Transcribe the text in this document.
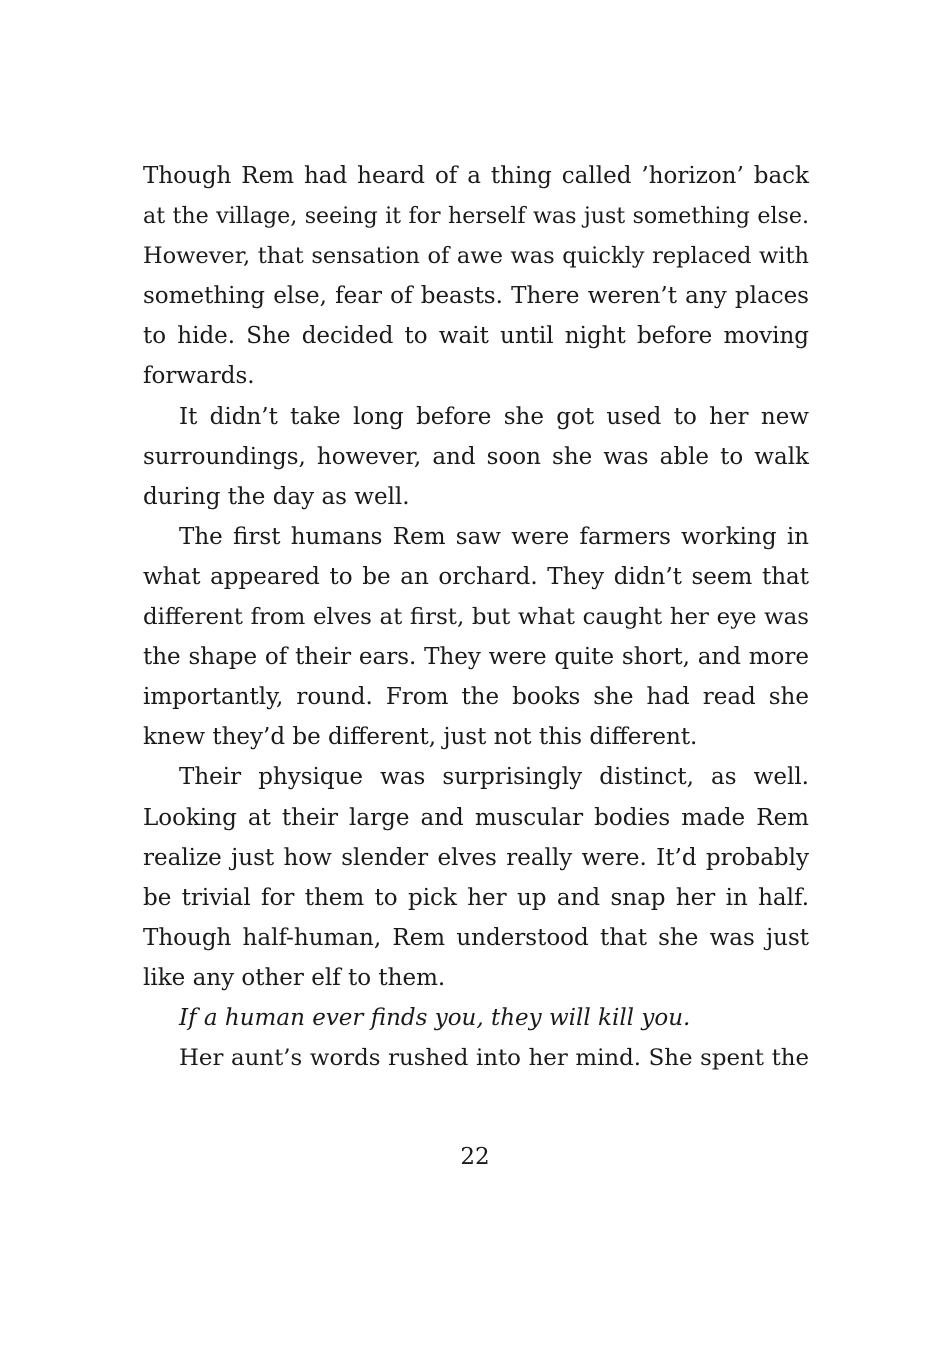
Though Rem had heard of a thing called ’horizon’ back
at the village, seeing it for herself was just something else.
However, that sensation of awe was quickly replaced with
something else, fear of beasts. There weren’t any places
to hide. She decided to wait until night before moving
forwards.
It didn’t take long before she got used to her new
surroundings, however, and soon she was able to walk
during the day as well.
The first humans Rem saw were farmers working in
what appeared to be an orchard. They didn’t seem that
different from elves at first, but what caught her eye was
the shape of their ears. They were quite short, and more
importantly, round. From the books she had read she
knew they’d be different, just not this different.
Their physique was surprisingly distinct, as well.
Looking at their large and muscular bodies made Rem
realize just how slender elves really were. It’d probably
be trivial for them to pick her up and snap her in half.
Though half-human, Rem understood that she was just
like any other elf to them.
If a human ever finds you, they will kill you.
Her aunt’s words rushed into her mind. She spent the
22
